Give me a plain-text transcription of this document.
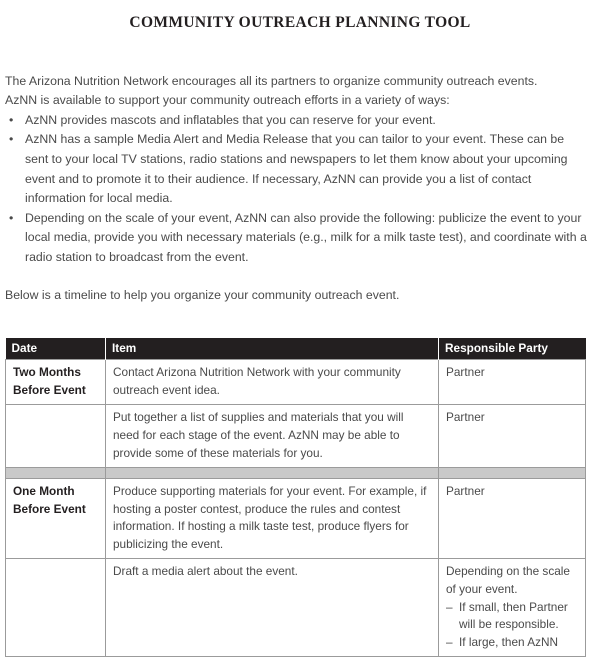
COMMUNITY OUTREACH PLANNING TOOL
The Arizona Nutrition Network encourages all its partners to organize community outreach events.
AzNN is available to support your community outreach efforts in a variety of ways:
• AzNN provides mascots and inflatables that you can reserve for your event.
• AzNN has a sample Media Alert and Media Release that you can tailor to your event. These can be sent to your local TV stations, radio stations and newspapers to let them know about your upcoming event and to promote it to their audience. If necessary, AzNN can provide you a list of contact information for local media.
• Depending on the scale of your event, AzNN can also provide the following: publicize the event to your local media, provide you with necessary materials (e.g., milk for a milk taste test), and coordinate with a radio station to broadcast from the event.

Below is a timeline to help you organize your community outreach event.

Date	Item	Responsible Party
Two Months
Before Event	Contact Arizona Nutrition Network with your community outreach event idea.	Partner
	Put together a list of supplies and materials that you will need for each stage of the event. AzNN may be able to provide some of these materials for you.	Partner

One Month
Before Event	Produce supporting materials for your event. For example, if hosting a poster contest, produce the rules and contest information. If hosting a milk taste test, produce flyers for publicizing the event.	Partner
	Draft a media alert about the event.	Depending on the scale of your event.
– If small, then Partner will be responsible.
– If large, then AzNN
